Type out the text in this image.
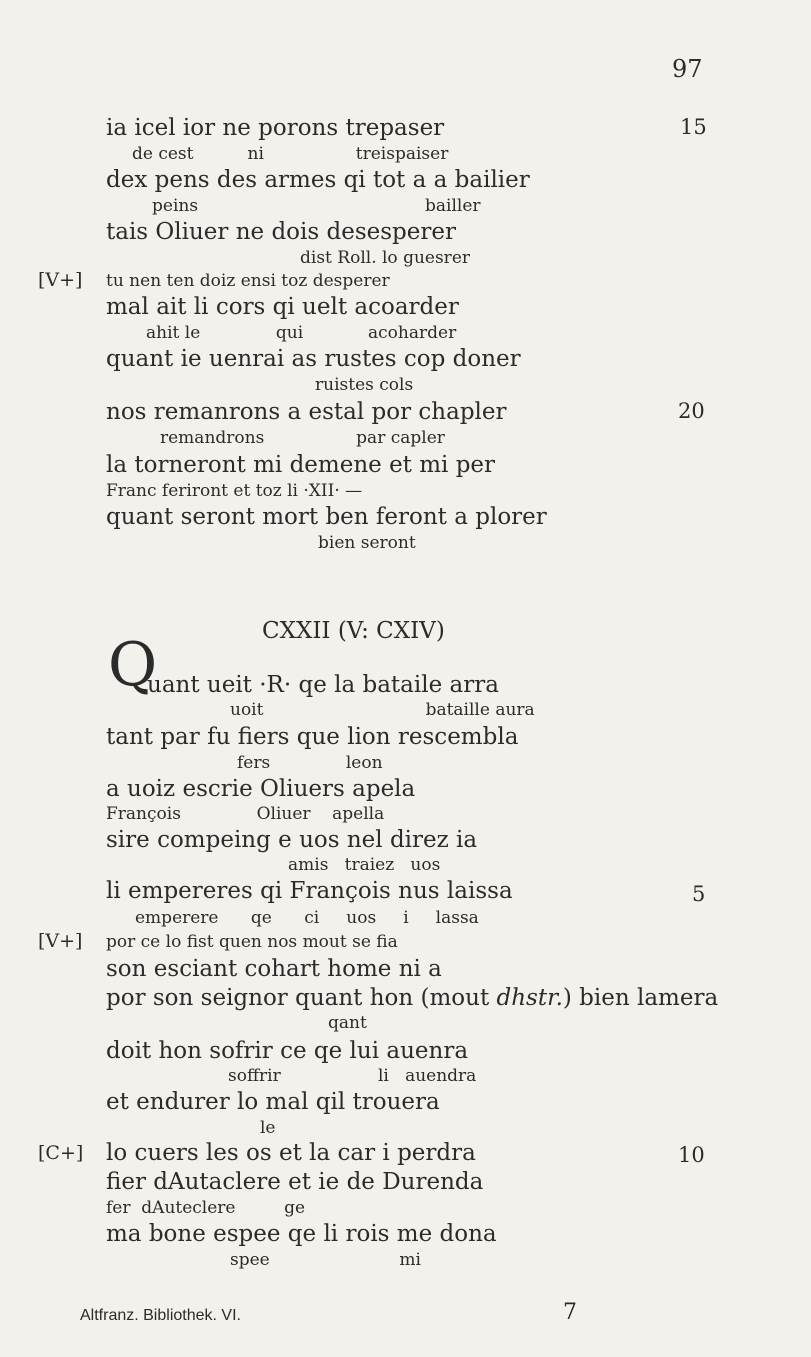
97
ia icel ior ne porons trepaser	15
de cest          ni                 treispaiser
dex pens des armes qi tot a a bailier
peins                                          bailler
tais Oliuer ne dois desesperer
dist Roll. lo guesrer
[V+] tu nen ten doiz ensi toz desperer
mal ait li cors qi uelt acoarder
ahit le              qui            acoharder
quant ie uenrai as rustes cop doner
ruistes cols
nos remanrons a estal por chapler	20
remandrons                 par capler
la torneront mi demene et mi per
Franc feriront et toz li ·XII· —
quant seront mort ben feront a plorer
bien seront
CXXII (V: CXIV)
Q
uant ueit ·R· qe la bataile arra
uoit                              bataille aura
tant par fu fiers que lion rescembla
fers              leon
a uoiz escrie Oliuers apela
François              Oliuer    apella
sire compeing e uos nel direz ia
amis   traiez   uos
li empereres qi François nus laissa	5
emperere      qe      ci     uos     i     lassa
[V+] por ce lo fist quen nos mout se fia
son esciant cohart home ni a
por son seignor quant hon (mout dhstr.) bien lamera
qant
doit hon sofrir ce qe lui auenra
soffrir                  li   auendra
et endurer lo mal qil trouera
le
[C+] lo cuers les os et la car i perdra	10
fier dAutaclere et ie de Durenda
fer  dAuteclere         ge
ma bone espee qe li rois me dona
spee                        mi
Altfranz. Bibliothek. VI.	7
